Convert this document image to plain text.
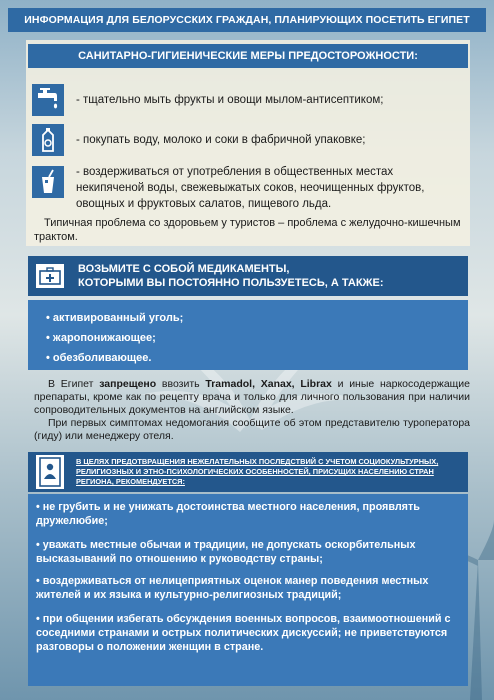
ИНФОРМАЦИЯ ДЛЯ БЕЛОРУССКИХ ГРАЖДАН, ПЛАНИРУЮЩИХ ПОСЕТИТЬ ЕГИПЕТ
САНИТАРНО-ГИГИЕНИЧЕСКИЕ МЕРЫ ПРЕДОСТОРОЖНОСТИ:
- тщательно мыть фрукты и овощи мылом-антисептиком;
- покупать воду, молоко и соки в фабричной упаковке;
- воздерживаться от употребления в общественных местах некипяченой воды, свежевыжатых соков, неочищенных фруктов, овощных и фруктовых салатов, пищевого льда.
Типичная проблема со здоровьем у туристов – проблема с желудочно-кишечным трактом.
ВОЗЬМИТЕ С СОБОЙ МЕДИКАМЕНТЫ,
КОТОРЫМИ ВЫ ПОСТОЯННО ПОЛЬЗУЕТЕСЬ, А ТАКЖЕ:
• активированный уголь;
• жаропонижающее;
• обезболивающее.

В Египет запрещено ввозить Tramadol, Xanax, Librax и иные наркосодержащие препараты, кроме как по рецепту врача и только для личного пользования при наличии сопроводительных документов на английском языке.

При первых симптомах недомогания сообщите об этом представителю туроператора (гиду) или менеджеру отеля.

В ЦЕЛЯХ ПРЕДОТВРАЩЕНИЯ НЕЖЕЛАТЕЛЬНЫХ ПОСЛЕДСТВИЙ С УЧЕТОМ СОЦИОКУЛЬТУРНЫХ, РЕЛИГИОЗНЫХ И ЭТНО-ПСИХОЛОГИЧЕСКИХ ОСОБЕННОСТЕЙ, ПРИСУЩИХ НАСЕЛЕНИЮ СТРАН РЕГИОНА, РЕКОМЕНДУЕТСЯ:
• не грубить и не унижать достоинства местного населения, проявлять дружелюбие;
• уважать местные обычаи и традиции, не допускать оскорбительных высказываний по отношению к руководству страны;
• воздерживаться от нелицеприятных оценок манер поведения местных жителей и их языка и культурно-религиозных традиций;
• при общении избегать обсуждения военных вопросов, взаимоотношений с соседними странами и острых политических дискуссий; не приветствуются разговоры о положении женщин в стране.
